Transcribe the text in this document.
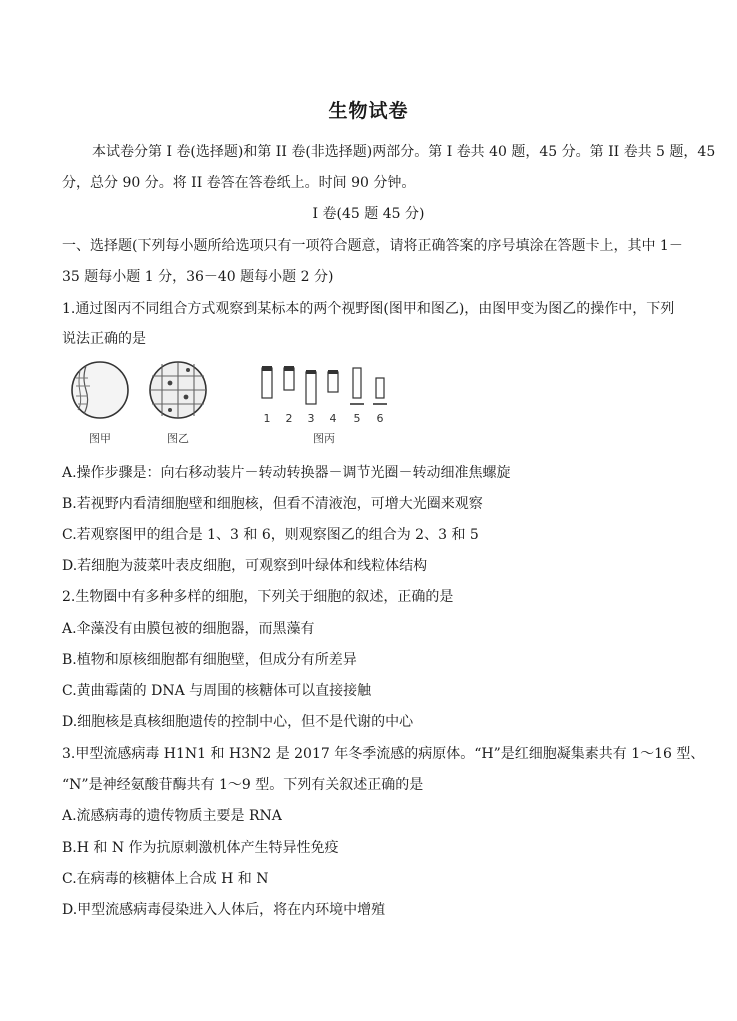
生物试卷
本试卷分第 I 卷(选择题)和第 II 卷(非选择题)两部分。第 I 卷共 40 题，45 分。第 II 卷共 5 题，45
分，总分 90 分。将 II 卷答在答卷纸上。时间 90 分钟。
I 卷(45 题 45 分)
一、选择题(下列每小题所给选项只有一项符合题意，请将正确答案的序号填涂在答题卡上，其中 1－
35 题每小题 1 分，36－40 题每小题 2 分)
1.通过图丙不同组合方式观察到某标本的两个视野图(图甲和图乙)，由图甲变为图乙的操作中，下列
说法正确的是
1 2 3 4 5 6
图甲	图乙	图丙
A.操作步骤是：向右移动装片－转动转换器－调节光圈－转动细准焦螺旋
B.若视野内看清细胞壁和细胞核，但看不清液泡，可增大光圈来观察
C.若观察图甲的组合是 1、3 和 6，则观察图乙的组合为 2、3 和 5
D.若细胞为菠菜叶表皮细胞，可观察到叶绿体和线粒体结构
2.生物圈中有多种多样的细胞，下列关于细胞的叙述，正确的是
A.伞藻没有由膜包被的细胞器，而黑藻有
B.植物和原核细胞都有细胞壁，但成分有所差异
C.黄曲霉菌的 DNA 与周围的核糖体可以直接接触
D.细胞核是真核细胞遗传的控制中心，但不是代谢的中心
3.甲型流感病毒 H1N1 和 H3N2 是 2017 年冬季流感的病原体。“H”是红细胞凝集素共有 1～16 型、
“N”是神经氨酸苷酶共有 1～9 型。下列有关叙述正确的是
A.流感病毒的遗传物质主要是 RNA
B.H 和 N 作为抗原刺激机体产生特异性免疫
C.在病毒的核糖体上合成 H 和 N
D.甲型流感病毒侵染进入人体后，将在内环境中增殖
